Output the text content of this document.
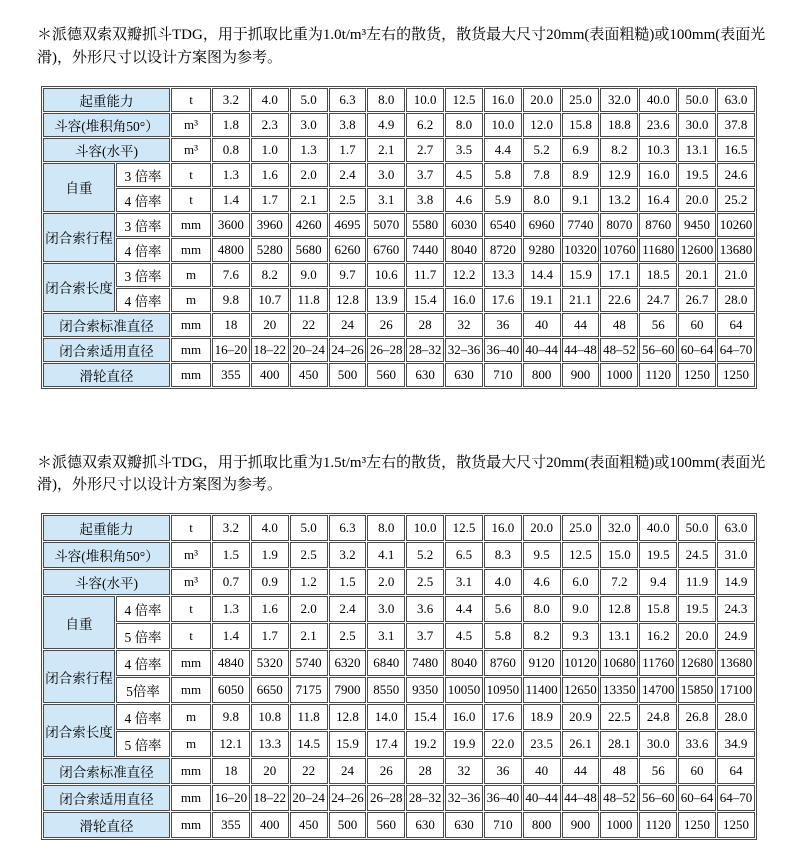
＊派德双索双瓣抓斗TDG，用于抓取比重为1.0t/m³左右的散货，散货最大尺寸20mm(表面粗糙)或100mm(表面光滑)，外形尺寸以设计方案图为参考。

起重能力		t	3.2	4.0	5.0	6.3	8.0	10.0	12.5	16.0	20.0	25.0	32.0	40.0	50.0	63.0
斗容(堆积角50°）		m³	1.8	2.3	3.0	3.8	4.9	6.2	8.0	10.0	12.0	15.8	18.8	23.6	30.0	37.8
斗容(水平)		m³	0.8	1.0	1.3	1.7	2.1	2.7	3.5	4.4	5.2	6.9	8.2	10.3	13.1	16.5
自重	3 倍率	t	1.3	1.6	2.0	2.4	3.0	3.7	4.5	5.8	7.8	8.9	12.9	16.0	19.5	24.6
	4 倍率	t	1.4	1.7	2.1	2.5	3.1	3.8	4.6	5.9	8.0	9.1	13.2	16.4	20.0	25.2
闭合索行程	3 倍率	mm	3600	3960	4260	4695	5070	5580	6030	6540	6960	7740	8070	8760	9450	10260
	4 倍率	mm	4800	5280	5680	6260	6760	7440	8040	8720	9280	10320	10760	11680	12600	13680
闭合索长度	3 倍率	m	7.6	8.2	9.0	9.7	10.6	11.7	12.2	13.3	14.4	15.9	17.1	18.5	20.1	21.0
	4 倍率	m	9.8	10.7	11.8	12.8	13.9	15.4	16.0	17.6	19.1	21.1	22.6	24.7	26.7	28.0
闭合索标准直径		mm	18	20	22	24	26	28	32	36	40	44	48	56	60	64
闭合索适用直径		mm	16–20	18–22	20–24	24–26	26–28	28–32	32–36	36–40	40–44	44–48	48–52	56–60	60–64	64–70
滑轮直径		mm	355	400	450	500	560	630	630	710	800	900	1000	1120	1250	1250

＊派德双索双瓣抓斗TDG，用于抓取比重为1.5t/m³左右的散货，散货最大尺寸20mm(表面粗糙)或100mm(表面光滑)，外形尺寸以设计方案图为参考。

起重能力		t	3.2	4.0	5.0	6.3	8.0	10.0	12.5	16.0	20.0	25.0	32.0	40.0	50.0	63.0
斗容(堆积角50°）		m³	1.5	1.9	2.5	3.2	4.1	5.2	6.5	8.3	9.5	12.5	15.0	19.5	24.5	31.0
斗容(水平)		m³	0.7	0.9	1.2	1.5	2.0	2.5	3.1	4.0	4.6	6.0	7.2	9.4	11.9	14.9
自重	4 倍率	t	1.3	1.6	2.0	2.4	3.0	3.6	4.4	5.6	8.0	9.0	12.8	15.8	19.5	24.3
	5 倍率	t	1.4	1.7	2.1	2.5	3.1	3.7	4.5	5.8	8.2	9.3	13.1	16.2	20.0	24.9
闭合索行程	4 倍率	mm	4840	5320	5740	6320	6840	7480	8040	8760	9120	10120	10680	11760	12680	13680
	5倍率	mm	6050	6650	7175	7900	8550	9350	10050	10950	11400	12650	13350	14700	15850	17100
闭合索长度	4 倍率	m	9.8	10.8	11.8	12.8	14.0	15.4	16.0	17.6	18.9	20.9	22.5	24.8	26.8	28.0
	5 倍率	m	12.1	13.3	14.5	15.9	17.4	19.2	19.9	22.0	23.5	26.1	28.1	30.0	33.6	34.9
闭合索标准直径		mm	18	20	22	24	26	28	32	36	40	44	48	56	60	64
闭合索适用直径		mm	16–20	18–22	20–24	24–26	26–28	28–32	32–36	36–40	40–44	44–48	48–52	56–60	60–64	64–70
滑轮直径		mm	355	400	450	500	560	630	630	710	800	900	1000	1120	1250	1250
